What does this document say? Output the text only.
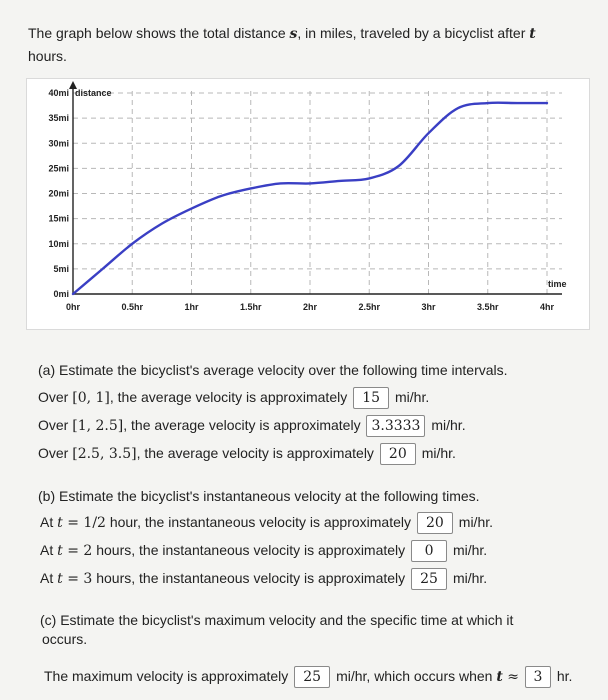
The graph below shows the total distance s, in miles, traveled by a bicyclist after t hours.
0mi
5mi
10mi
15mi
20mi
25mi
30mi
35mi
40mi
0hr	0.5hr	1hr	1.5hr	2hr	2.5hr	3hr	3.5hr	4hr
distance
time
(a) Estimate the bicyclist's average velocity over the following time intervals.
Over [0, 1], the average velocity is approximately 15 mi/hr.
Over [1, 2.5], the average velocity is approximately 3.3333 mi/hr.
Over [2.5, 3.5], the average velocity is approximately 20 mi/hr.
(b) Estimate the bicyclist's instantaneous velocity at the following times.
At t = 1/2 hour, the instantaneous velocity is approximately 20 mi/hr.
At t = 2 hours, the instantaneous velocity is approximately 0 mi/hr.
At t = 3 hours, the instantaneous velocity is approximately 25 mi/hr.
(c) Estimate the bicyclist's maximum velocity and the specific time at which it
occurs.
The maximum velocity is approximately 25 mi/hr, which occurs when t ≈ 3 hr.
